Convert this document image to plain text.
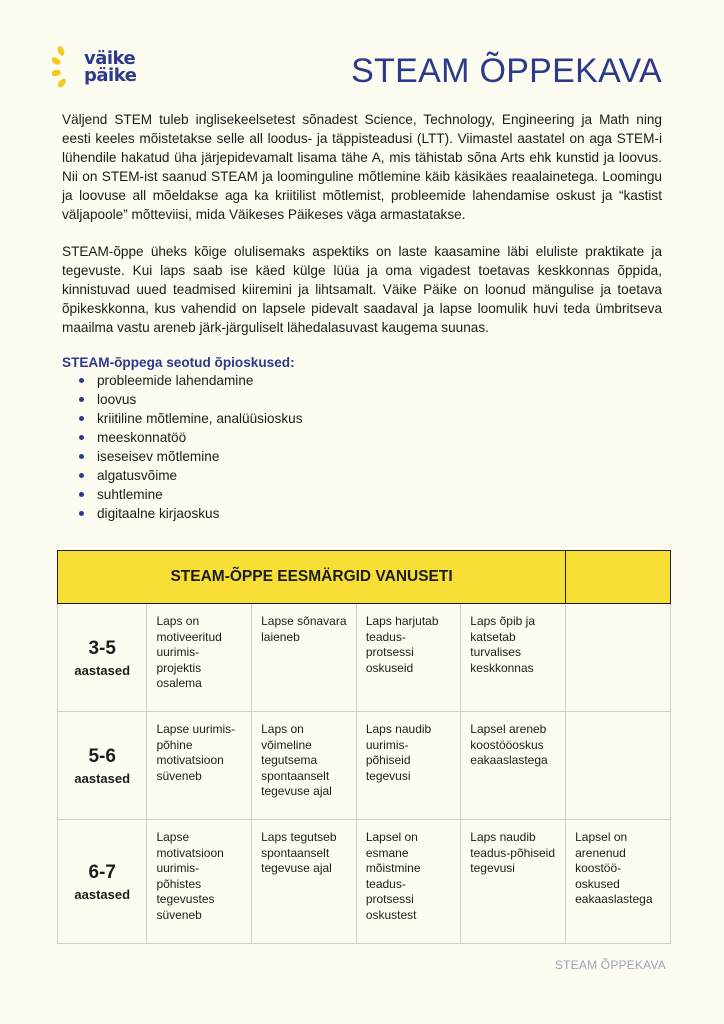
väike
päike	STEAM ÕPPEKAVA

Väljend STEM tuleb inglisekeelsetest sõnadest Science, Technology, Engineering ja Math ning eesti keeles mõistetakse selle all loodus- ja täppisteadusi (LTT). Viimastel aastatel on aga STEM-i lühendile hakatud üha järjepidevamalt lisama tähe A, mis tähistab sõna Arts ehk kunstid ja loovus. Nii on STEM-ist saanud STEAM ja loominguline mõtlemine käib käsikäes reaalainetega. Loomingu ja loovuse all mõeldakse aga ka kriitilist mõtlemist, probleemide lahendamise oskust ja “kastist väljapoole” mõtteviisi, mida Väikeses Päikeses väga armastatakse.

STEAM-õppe üheks kõige olulisemaks aspektiks on laste kaasamine läbi eluliste praktikate ja tegevuste. Kui laps saab ise käed külge lüüa ja oma vigadest toetavas keskkonnas õppida, kinnistuvad uued teadmised kiiremini ja lihtsamalt. Väike Päike on loonud mängulise ja toetava õpikeskkonna, kus vahendid on lapsele pidevalt saadaval ja lapse loomulik huvi teda ümbritseva maailma vastu areneb järk-järguliselt lähedalasuvast kaugema suunas.

STEAM-õppega seotud õpioskused:
probleemide lahendamine
loovus
kriitiline mõtlemine, analüüsioskus
meeskonnatöö
iseseisev mõtlemine
algatusvõime
suhtlemine
digitaalne kirjaoskus
STEAM-ÕPPE EESMÄRGID VANUSETI					

3-5
aastased	Laps on motiveeritud uurimis-projektis osalema	Lapse sõnavara laieneb	Laps harjutab teadus-protsessi oskuseid	Laps õpib ja katsetab turvalises keskkonnas	

5-6
aastased	Lapse uurimis-põhine motivatsioon süveneb	Laps on võimeline tegutsema spontaanselt tegevuse ajal	Laps naudib uurimis-põhiseid tegevusi	Lapsel areneb koostööoskus eakaaslastega	

6-7
aastased	Lapse motivatsioon uurimis-põhistes tegevustes süveneb	Laps tegutseb spontaanselt tegevuse ajal	Lapsel on esmane mõistmine teadus-protsessi oskustest	Laps naudib teadus-põhiseid tegevusi	Lapsel on arenenud koostöö-oskused eakaaslastega
STEAM ÕPPEKAVA
